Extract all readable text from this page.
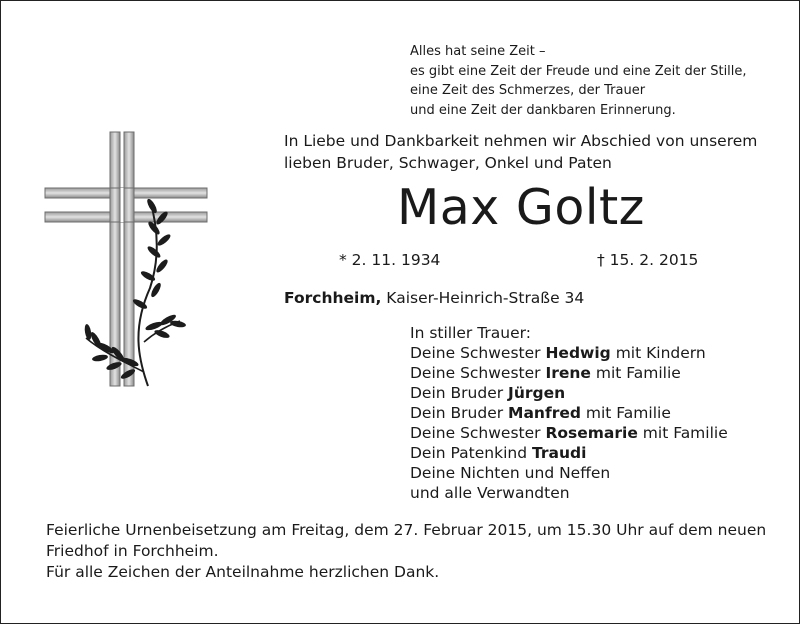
Alles hat seine Zeit –
es gibt eine Zeit der Freude und eine Zeit der Stille,
eine Zeit des Schmerzes, der Trauer
und eine Zeit der dankbaren Erinnerung.
In Liebe und Dankbarkeit nehmen wir Abschied von unserem
lieben Bruder, Schwager, Onkel und Paten
Max Goltz
* 2. 11. 1934	† 15. 2. 2015
Forchheim, Kaiser-Heinrich-Straße 34
In stiller Trauer:
Deine Schwester Hedwig mit Kindern
Deine Schwester Irene mit Familie
Dein Bruder Jürgen
Dein Bruder Manfred mit Familie
Deine Schwester Rosemarie mit Familie
Dein Patenkind Traudi
Deine Nichten und Neffen
und alle Verwandten
Feierliche Urnenbeisetzung am Freitag, dem 27. Februar 2015, um 15.30 Uhr auf dem neuen
Friedhof in Forchheim.
Für alle Zeichen der Anteilnahme herzlichen Dank.
